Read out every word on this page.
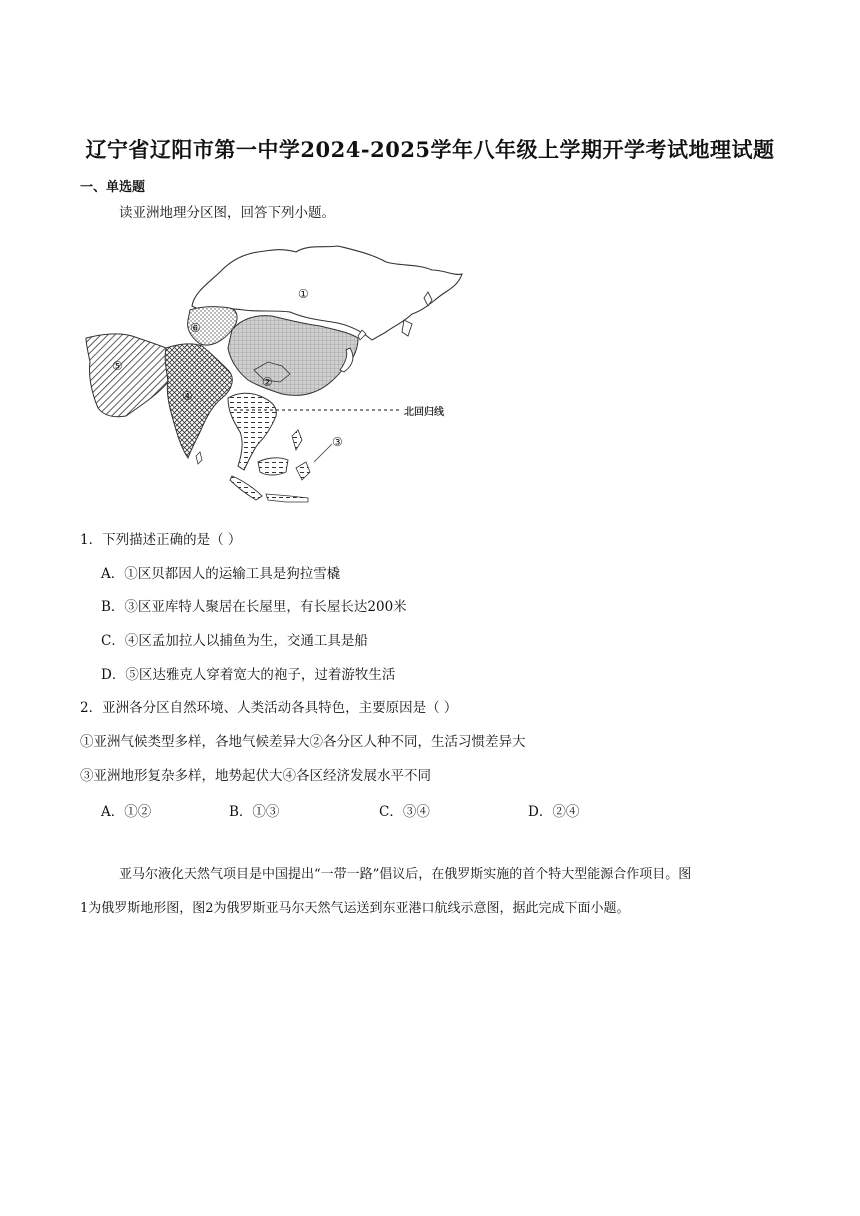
辽宁省辽阳市第一中学2024-2025学年八年级上学期开学考试地理试题
一、单选题
读亚洲地理分区图，回答下列小题。
北回归线
①
②
③
④
⑤
⑥
1．下列描述正确的是（ ）
A．①区贝都因人的运输工具是狗拉雪橇
B．③区亚库特人聚居在长屋里，有长屋长达200米
C．④区孟加拉人以捕鱼为生，交通工具是船
D．⑤区达雅克人穿着宽大的袍子，过着游牧生活
2．亚洲各分区自然环境、人类活动各具特色，主要原因是（ ）
①亚洲气候类型多样，各地气候差异大②各分区人种不同，生活习惯差异大
③亚洲地形复杂多样，地势起伏大④各区经济发展水平不同
A．①②	B．①③	C．③④	D．②④
亚马尔液化天然气项目是中国提出“一带一路”倡议后，在俄罗斯实施的首个特大型能源合作项目。图
1为俄罗斯地形图，图2为俄罗斯亚马尔天然气运送到东亚港口航线示意图，据此完成下面小题。
